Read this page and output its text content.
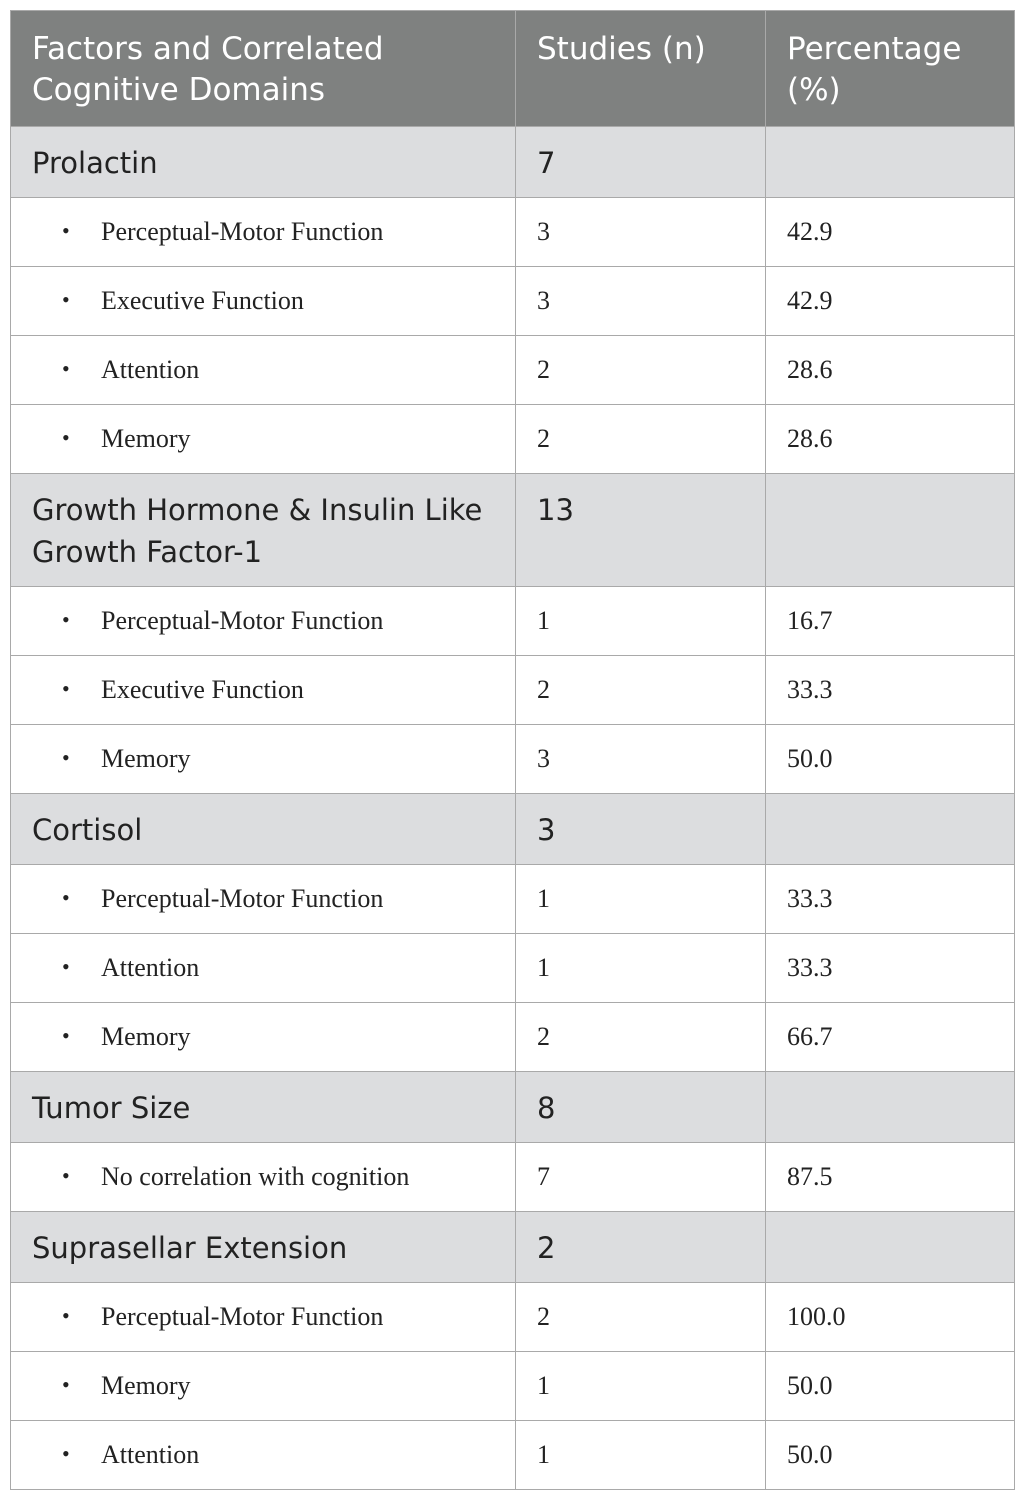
Factors and Correlated Cognitive Domains	Studies (n)	Percentage (%)
Prolactin	7	
• Perceptual-Motor Function	3	42.9
• Executive Function	3	42.9
• Attention	2	28.6
• Memory	2	28.6
Growth Hormone & Insulin Like Growth Factor-1	13	
• Perceptual-Motor Function	1	16.7
• Executive Function	2	33.3
• Memory	3	50.0
Cortisol	3	
• Perceptual-Motor Function	1	33.3
• Attention	1	33.3
• Memory	2	66.7
Tumor Size	8	
• No correlation with cognition	7	87.5
Suprasellar Extension	2	
• Perceptual-Motor Function	2	100.0
• Memory	1	50.0
• Attention	1	50.0
